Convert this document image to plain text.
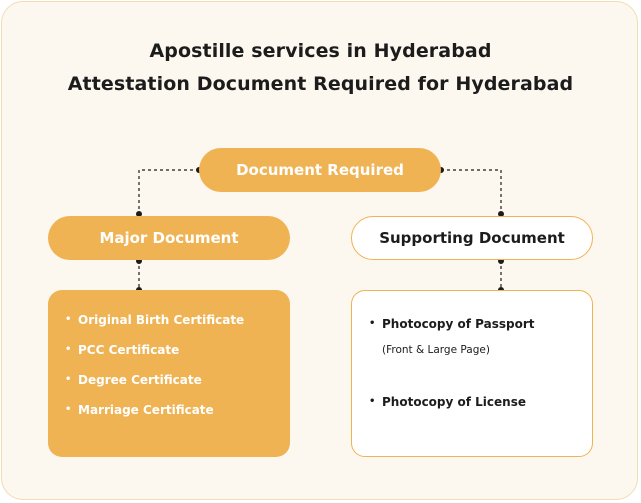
Apostille services in Hyderabad
Attestation Document Required for Hyderabad
Document Required
Major Document	Supporting Document
• Original Birth Certificate
• PCC Certificate
• Degree Certificate
• Marriage Certificate
• Photocopy of Passport
(Front & Large Page)
• Photocopy of License
